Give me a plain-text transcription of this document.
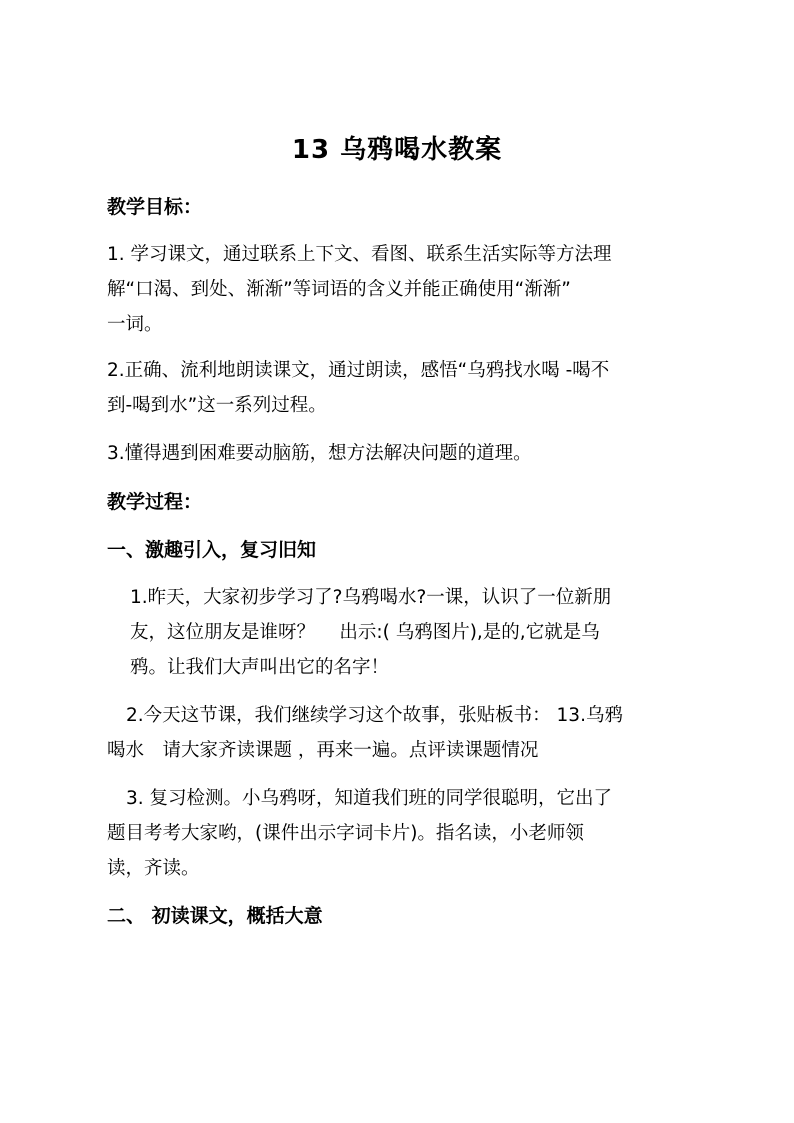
13 乌鸦喝水教案
教学目标：
1. 学习课文，通过联系上下文、看图、联系生活实际等方法理
解“口渴、到处、渐渐”等词语的含义并能正确使用“渐渐”
一词。
2.正确、流利地朗读课文，通过朗读，感悟“乌鸦找水喝 -喝不
到-喝到水”这一系列过程。
3.懂得遇到困难要动脑筋，想方法解决问题的道理。
教学过程：
一、激趣引入，复习旧知
1.昨天，大家初步学习了?乌鸦喝水?一课，认识了一位新朋
友，这位朋友是谁呀？　 出示:( 乌鸦图片),是的,它就是乌
鸦。让我们大声叫出它的名字！
2.今天这节课，我们继续学习这个故事，张贴板书： 13.乌鸦
喝水　请大家齐读课题 ，再来一遍。点评读课题情况
3. 复习检测。小乌鸦呀，知道我们班的同学很聪明，它出了
题目考考大家哟，(课件出示字词卡片)。指名读，小老师领
读，齐读。
二、 初读课文，概括大意
